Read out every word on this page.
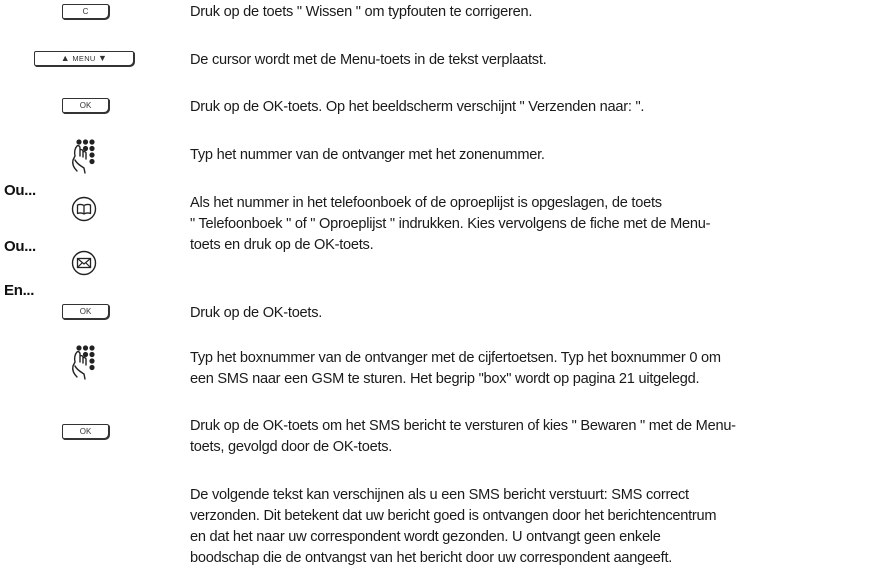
C
▲ MENU ▼
OK
OK
OK
Ou...
Ou...
En...

Druk op de toets " Wissen " om typfouten te corrigeren.

De cursor wordt met de Menu-toets in de tekst verplaatst.

Druk op de OK-toets. Op het beeldscherm verschijnt " Verzenden naar: ".

Typ het nummer van de ontvanger met het zonenummer.

Als het nummer in het telefoonboek of de oproeplijst is opgeslagen, de toets
" Telefoonboek " of " Oproeplijst " indrukken. Kies vervolgens de fiche met de Menu-
toets en druk op de OK-toets.

Druk op de OK-toets.

Typ het boxnummer van de ontvanger met de cijfertoetsen. Typ het boxnummer 0 om
een SMS naar een GSM te sturen. Het begrip "box" wordt op pagina 21 uitgelegd.

Druk op de OK-toets om het SMS bericht te versturen of kies " Bewaren " met de Menu-
toets, gevolgd door de OK-toets.

De volgende tekst kan verschijnen als u een SMS bericht verstuurt: SMS correct
verzonden. Dit betekent dat uw bericht goed is ontvangen door het berichtencentrum
en dat het naar uw correspondent wordt gezonden. U ontvangt geen enkele
boodschap die de ontvangst van het bericht door uw correspondent aangeeft.
